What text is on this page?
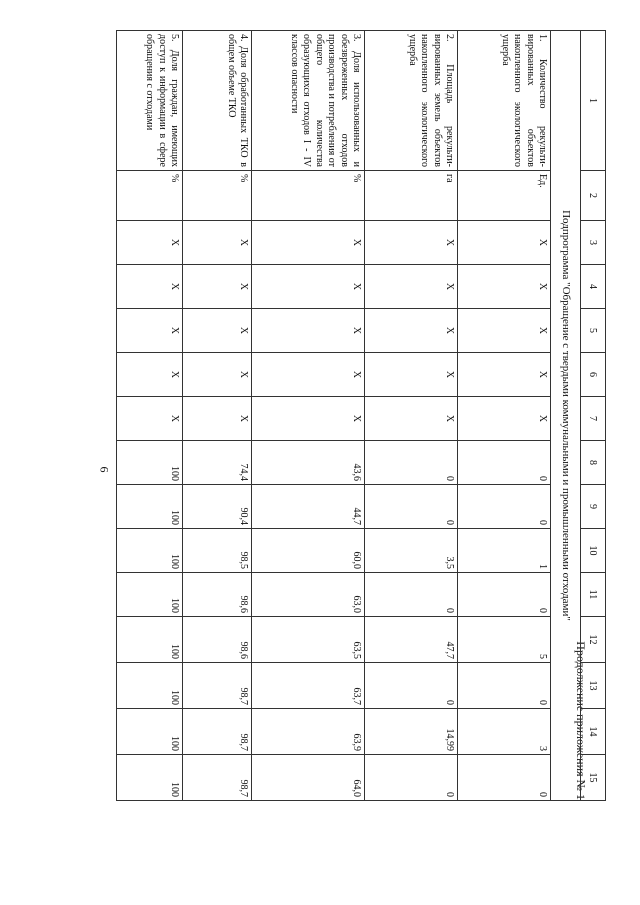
6
Продолжение приложения № 1
1	2	3	4	5	6	7	8	9	10	11	12	13	14	15
Подпрограмма "Обращение с твердыми коммунальными и промышленными отходами"														
1. Количество рекульти-вированных объектов накопленного экологического ущерба	Ед.	X	X	X	X	X	0	0	1	0	5	0	3	0
2. Площадь рекульти-вированных земель объектов накопленного экологического ущерба	га	X	X	X	X	X	0	0	3,5	0	47,7	0	14,99	0
3. Доля использованных и обезвреженных отходов производства и потребления от общего количества образующихся отходов I - IV классов опасности	%	X	X	X	X	X	43,6	44,7	60,0	63,0	63,5	63,7	63,9	64,0
4. Доля обработанных ТКО в общем объеме ТКО	%	X	X	X	X	X	74,4	90,4	98,5	98,6	98,6	98,7	98,7	98,7
5. Доля граждан, имеющих доступ к информации в сфере обращения с отходами	%	X	X	X	X	X	100	100	100	100	100	100	100	100
